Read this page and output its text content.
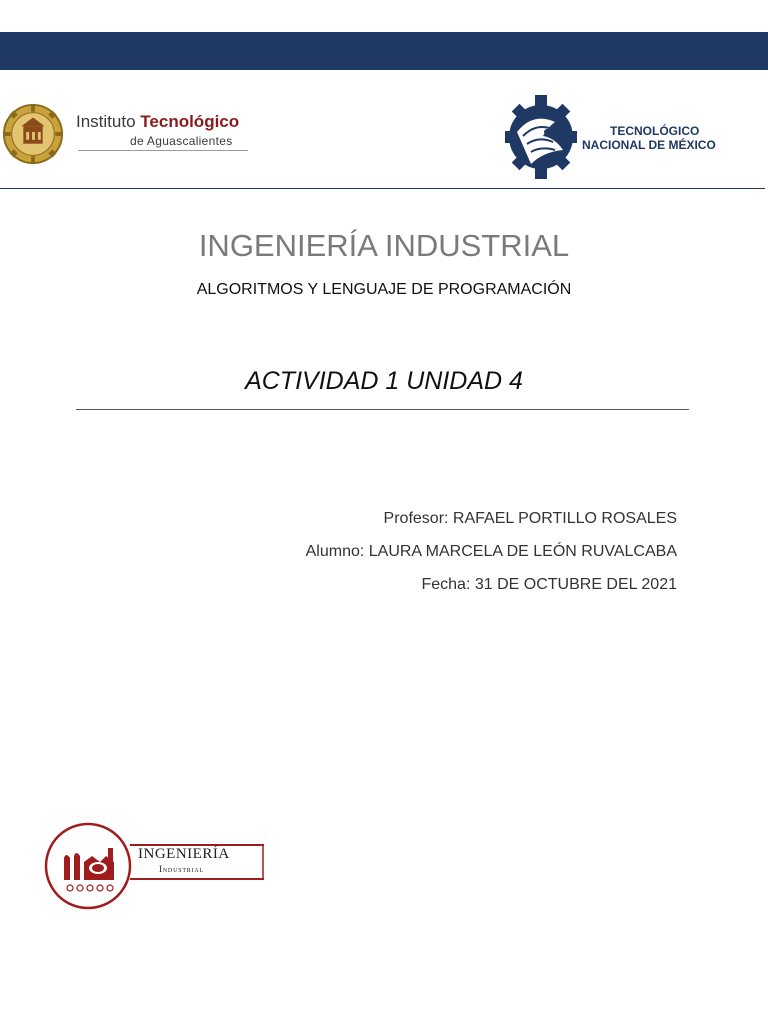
Instituto Tecnológico
de Aguascalientes
TECNOLÓGICO
NACIONAL DE MÉXICO
INGENIERÍA INDUSTRIAL
ALGORITMOS Y LENGUAJE DE PROGRAMACIÓN
ACTIVIDAD 1 UNIDAD 4
Profesor: RAFAEL PORTILLO ROSALES
Alumno: LAURA MARCELA DE LEÓN RUVALCABA
Fecha: 31 DE OCTUBRE DEL 2021
INGENIERÍA
Industrial
